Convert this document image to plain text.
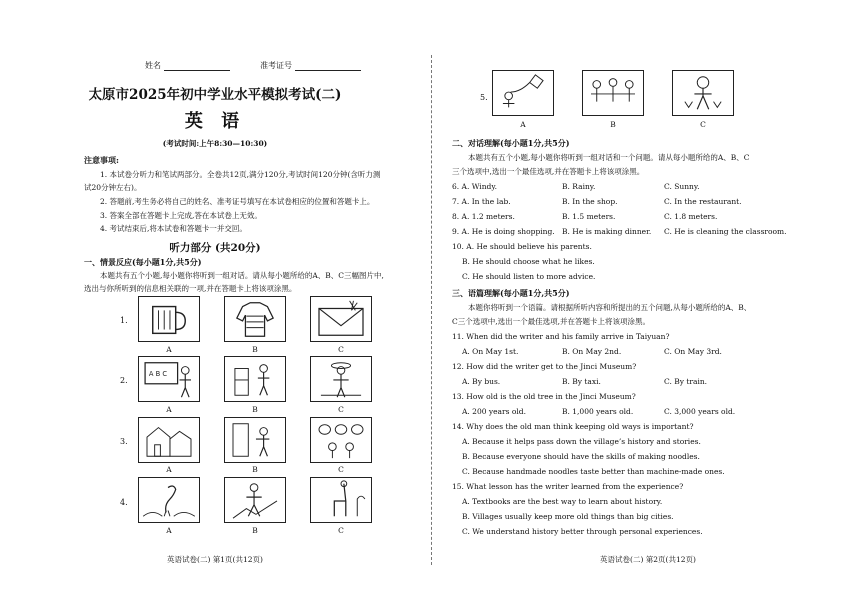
姓名	准考证号
太原市2025年初中学业水平模拟考试(二)
英 语
(考试时间:上午8:30—10:30)
注意事项:
1. 本试卷分听力和笔试两部分。全卷共12页,满分120分,考试时间120分钟(含听力测
试20分钟左右)。
2. 答题前,考生务必将自己的姓名、准考证号填写在本试卷相应的位置和答题卡上。
3. 答案全部在答题卡上完成,答在本试卷上无效。
4. 考试结束后,将本试卷和答题卡一并交回。
听力部分 (共20分)
一、情景反应(每小题1分,共5分)
本题共有五个小题,每小题你将听到一组对话。请从每小题所给的A、B、C三幅图片中,
选出与你所听到的信息相关联的一项,并在答题卡上将该项涂黑。
1.
A	B	C
2.
A B C
A	B	C
3.
A	B	C
4.
A	B	C
英语试卷(二) 第1页(共12页)
5.
A	B	C
二、对话理解(每小题1分,共5分)
本题共有五个小题,每小题你将听到一组对话和一个问题。请从每小题所给的A、B、C
三个选项中,选出一个最佳选项,并在答题卡上将该项涂黑。
6. A. Windy.	B. Rainy.	C. Sunny.
7. A. In the lab.	B. In the shop.	C. In the restaurant.
8. A. 1.2 meters.	B. 1.5 meters.	C. 1.8 meters.
9. A. He is doing shopping. B. He is making dinner. C. He is cleaning the classroom.
10. A. He should believe his parents.
B. He should choose what he likes.
C. He should listen to more advice.
三、语篇理解(每小题1分,共5分)
本题你将听到一个语篇。请根据所听内容和所提出的五个问题,从每小题所给的A、B、
C三个选项中,选出一个最佳选项,并在答题卡上将该项涂黑。
11. When did the writer and his family arrive in Taiyuan?
A. On May 1st.	B. On May 2nd.	C. On May 3rd.
12. How did the writer get to the Jinci Museum?
A. By bus.	B. By taxi.	C. By train.
13. How old is the old tree in the Jinci Museum?
A. 200 years old.	B. 1,000 years old.	C. 3,000 years old.
14. Why does the old man think keeping old ways is important?
A. Because it helps pass down the village’s history and stories.
B. Because everyone should have the skills of making noodles.
C. Because handmade noodles taste better than machine-made ones.
15. What lesson has the writer learned from the experience?
A. Textbooks are the best way to learn about history.
B. Villages usually keep more old things than big cities.
C. We understand history better through personal experiences.
英语试卷(二) 第2页(共12页)
